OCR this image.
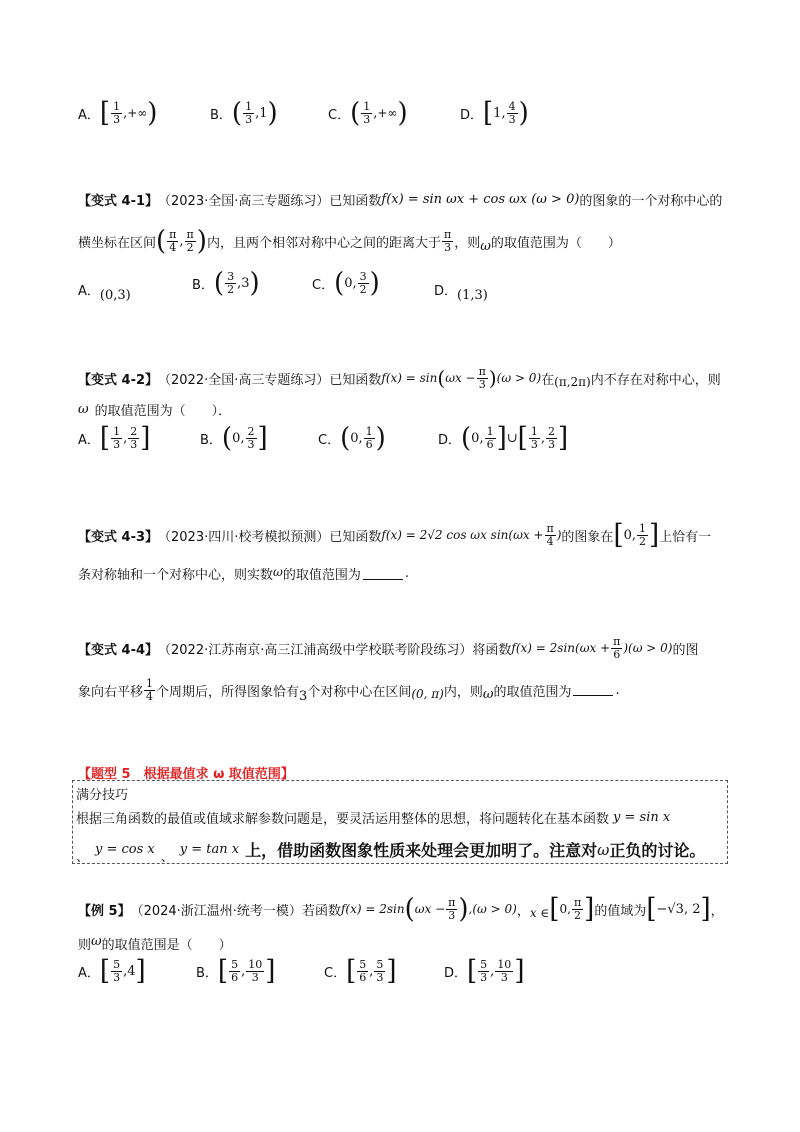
A． [ $\frac{1}{3}$ , +∞ )	B． ( $\frac{1}{3}$ , 1 )	C． ( $\frac{1}{3}$ , +∞ )	D． [ 1 , $\frac{4}{3}$ )
【变式 4-1】 （2023·全国·高三专题练习） 已知函数 f(x) = sin ωx + cos ωx (ω > 0) 的图象的一个对称中心的
横坐标在区间 ( $\frac{\pi}{4}$ , $\frac{\pi}{2}$ ) 内，且两个相邻对称中心之间的距离大于 $\frac{\pi}{3}$ ，则 ω 的取值范围为（　　）
A． (0,3)
B． ( $\frac{3}{2}$ , 3 )	C． ( 0 , $\frac{3}{2}$ )	D． (1,3)
【变式 4-2】 （2022·全国·高三专题练习） 已知函数 f(x) = sin ( $\omega x - \frac{\pi}{3}$ ) (ω > 0) 在 (π,2π) 内不存在对称中心，则
ω 的取值范围为（　　）．
A． [ $\frac{1}{3}$ , $\frac{2}{3}$ ]	B． ( 0 , $\frac{2}{3}$ ]	C． ( 0 , $\frac{1}{6}$ )	D． ( 0 , $\frac{1}{6}$ ] ∪ [ $\frac{1}{3}$ , $\frac{2}{3}$ ]
【变式 4-3】 （2023·四川·校考模拟预测） 已知函数 f(x) = 2√2 cos ωx $\sin(\omega x + \frac{\pi}{4}$ ) 的图象在 [ 0 , $\frac{1}{2}$ ] 上恰有一
条对称轴和一个对称中心，则实数 ω 的取值范围为	.
【变式 4-4】 （2022·江苏南京·高三江浦高级中学校联考阶段练习） 将函数 $f(x) = 2\sin(\omega x + \frac{\pi}{6} )(\omega > 0)$ 的图
象向右平移 $\frac{1}{4}$ 个周期后，所得图象恰有 3 个对称中心在区间 (0, π) 内，则 ω 的取值范围为	.
【题型 5　根据最值求 ω 取值范围】
满分技巧
根据三角函数的最值或值域求解参数问题是，要灵活运用整体的思想，将问题转化在基本函数 y = sin x
、
y = cos x
、
y = tan x 上，借助函数图象性质来处理会更加明了。注意对 ω 正负的讨论。
【例 5】 （2024·浙江温州·统考一模） 若函数 f(x) = 2sin ( $\omega x - \frac{\pi}{3}$ ) ,(ω > 0) ， x ∈ [ 0 , $\frac{\pi}{2}$ ] 的值域为 [ −√3, 2 ] ，
则 ω 的取值范围是（　　）
A． [ $\frac{5}{3}$ , 4 ]	B． [ $\frac{5}{6}$ , $\frac{10}{3}$ ]	C． [ $\frac{5}{6}$ , $\frac{5}{3}$ ]	D． [ $\frac{5}{3}$ , $\frac{10}{3}$ ]
